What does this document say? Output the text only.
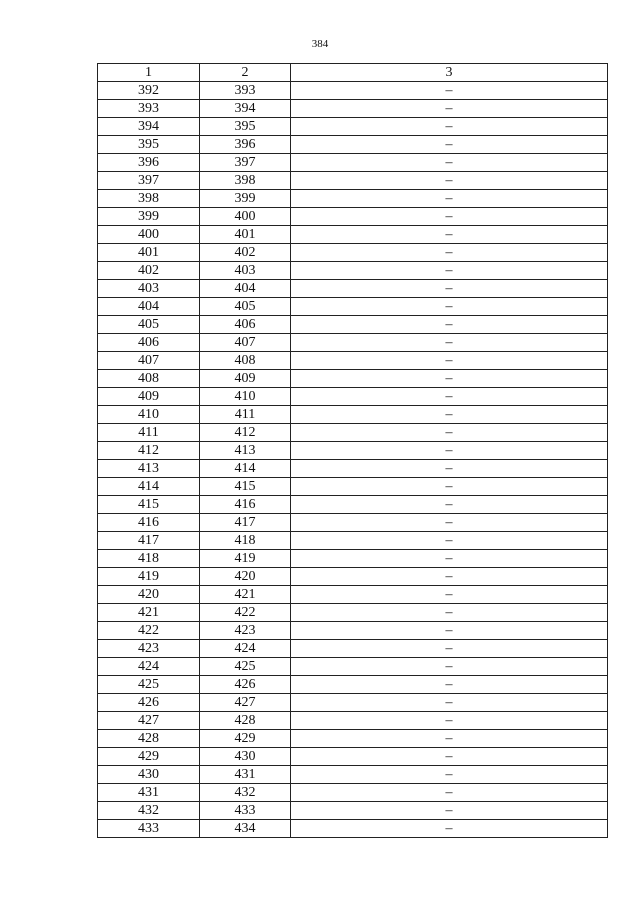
384
1	2	3
392	393	–
393	394	–
394	395	–
395	396	–
396	397	–
397	398	–
398	399	–
399	400	–
400	401	–
401	402	–
402	403	–
403	404	–
404	405	–
405	406	–
406	407	–
407	408	–
408	409	–
409	410	–
410	411	–
411	412	–
412	413	–
413	414	–
414	415	–
415	416	–
416	417	–
417	418	–
418	419	–
419	420	–
420	421	–
421	422	–
422	423	–
423	424	–
424	425	–
425	426	–
426	427	–
427	428	–
428	429	–
429	430	–
430	431	–
431	432	–
432	433	–
433	434	–
